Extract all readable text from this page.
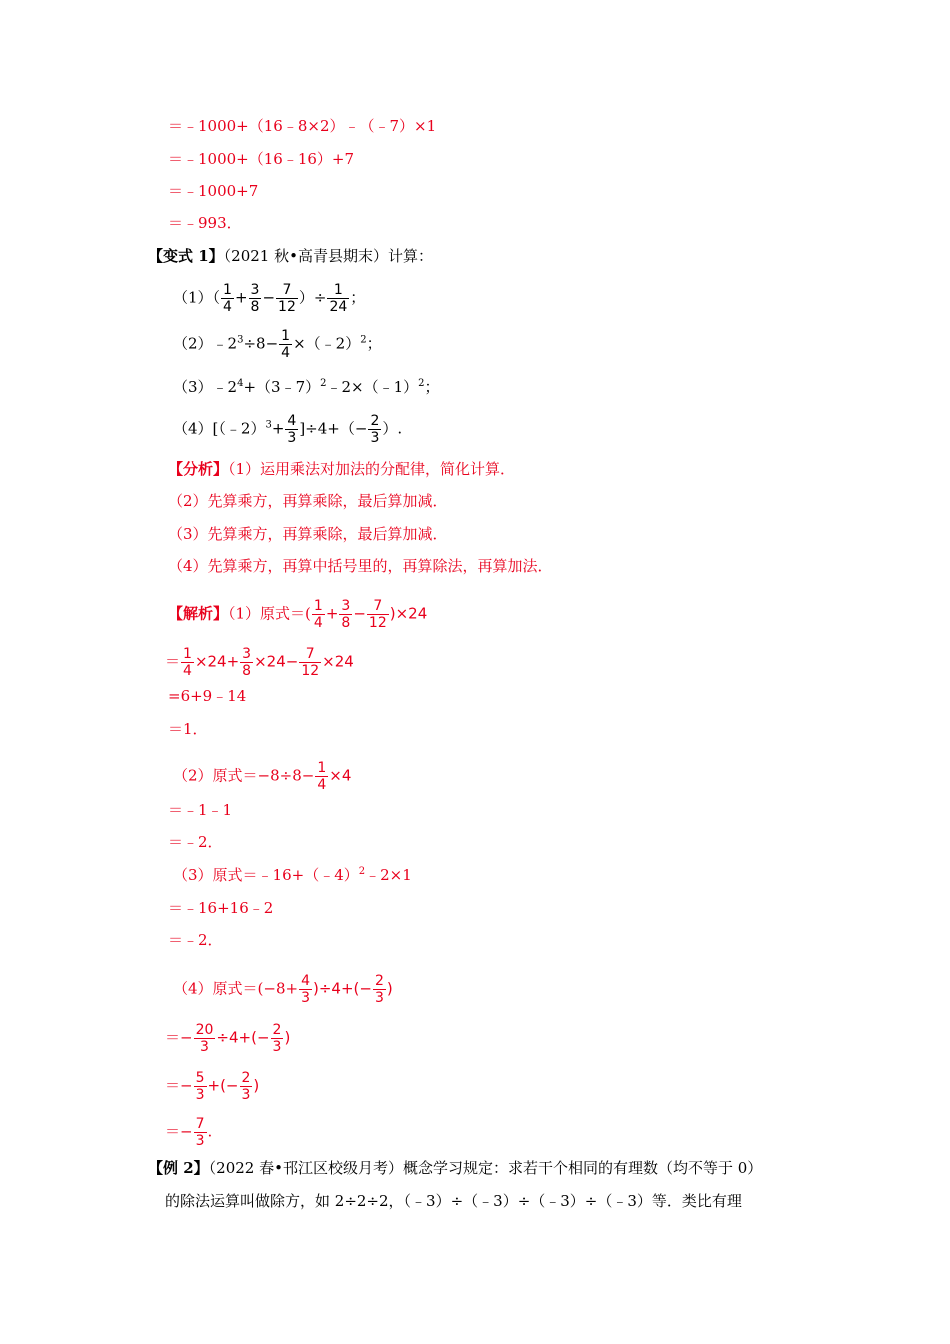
＝﹣1000+（16﹣8×2）﹣（﹣7）×1
＝﹣1000+（16﹣16）+7
＝﹣1000+7
＝﹣993．
【变式 1】（2021 秋•高青县期末）计算：
$(1)( \frac{1}{4} + \frac{3}{8} - \frac{7}{12}$ ）÷ $\frac{1}{24}$ ；
$(2)﹣2^3\div 8- \frac{1}{4}$ ×（﹣2）$^2$；
$(3)﹣2^4+(3﹣7)^2﹣2\times(﹣1)^2$；
（4）[（﹣2）$^3$+ $\frac{4}{3} ]\div 4+(- \frac{2}{3}$ ）.
【分析】（1）运用乘法对加法的分配律，简化计算．
（2）先算乘方，再算乘除，最后算加减．
（3）先算乘方，再算乘除，最后算加减．
（4）先算乘方，再算中括号里的，再算除法，再算加法．
【解析】（1）原式＝( $\frac{1}{4} + \frac{3}{8} - \frac{7}{12} )\times 24$
＝ $\frac{1}{4} \times 24+ \frac{3}{8} \times 24- \frac{7}{12} \times 24$
=6+9﹣14
＝1．
（2）原式$=-8\div 8- \frac{1}{4} \times 4$
＝﹣1﹣1
＝﹣2．
（3）原式＝﹣16+（﹣4）$^2$﹣2×1
＝﹣16+16﹣2
＝﹣2．
（4）原式$=(-8+ \frac{4}{3} )\div 4+(- \frac{2}{3}$ )
＝− $\frac{20}{3} \div 4+(- \frac{2}{3}$ )
＝− $\frac{5}{3}$ +(− $\frac{2}{3}$ )
＝− $\frac{7}{3}$ .
【例 2】（2022 春•邗江区校级月考）概念学习规定：求若干个相同的有理数（均不等于 0）
的除法运算叫做除方，如 2÷2÷2，（﹣3）÷（﹣3）÷（﹣3）÷（﹣3）等．类比有理
